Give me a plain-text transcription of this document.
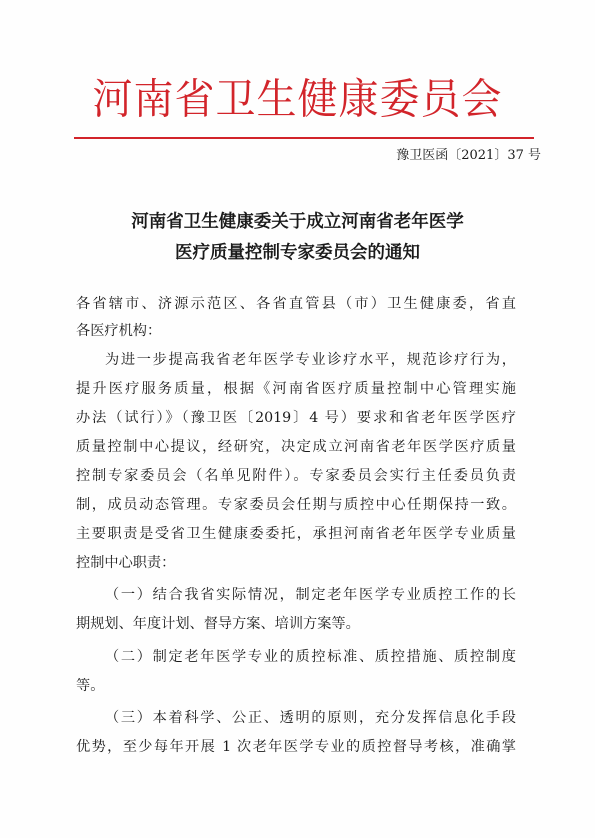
河南省卫生健康委员会
豫卫医函〔2021〕37 号
河南省卫生健康委关于成立河南省老年医学
医疗质量控制专家委员会的通知
各省辖市、济源示范区、各省直管县（市）卫生健康委，省直
各医疗机构：
为进一步提高我省老年医学专业诊疗水平，规范诊疗行为，
提升医疗服务质量，根据《河南省医疗质量控制中心管理实施
办法（试行）》（豫卫医〔2019〕4 号）要求和省老年医学医疗
质量控制中心提议，经研究，决定成立河南省老年医学医疗质量
控制专家委员会（名单见附件）。专家委员会实行主任委员负责
制，成员动态管理。专家委员会任期与质控中心任期保持一致。
主要职责是受省卫生健康委委托，承担河南省老年医学专业质量
控制中心职责：
（一）结合我省实际情况，制定老年医学专业质控工作的长
期规划、年度计划、督导方案、培训方案等。
（二）制定老年医学专业的质控标准、质控措施、质控制度
等。
（三）本着科学、公正、透明的原则，充分发挥信息化手段
优势，至少每年开展 1 次老年医学专业的质控督导考核，准确掌
